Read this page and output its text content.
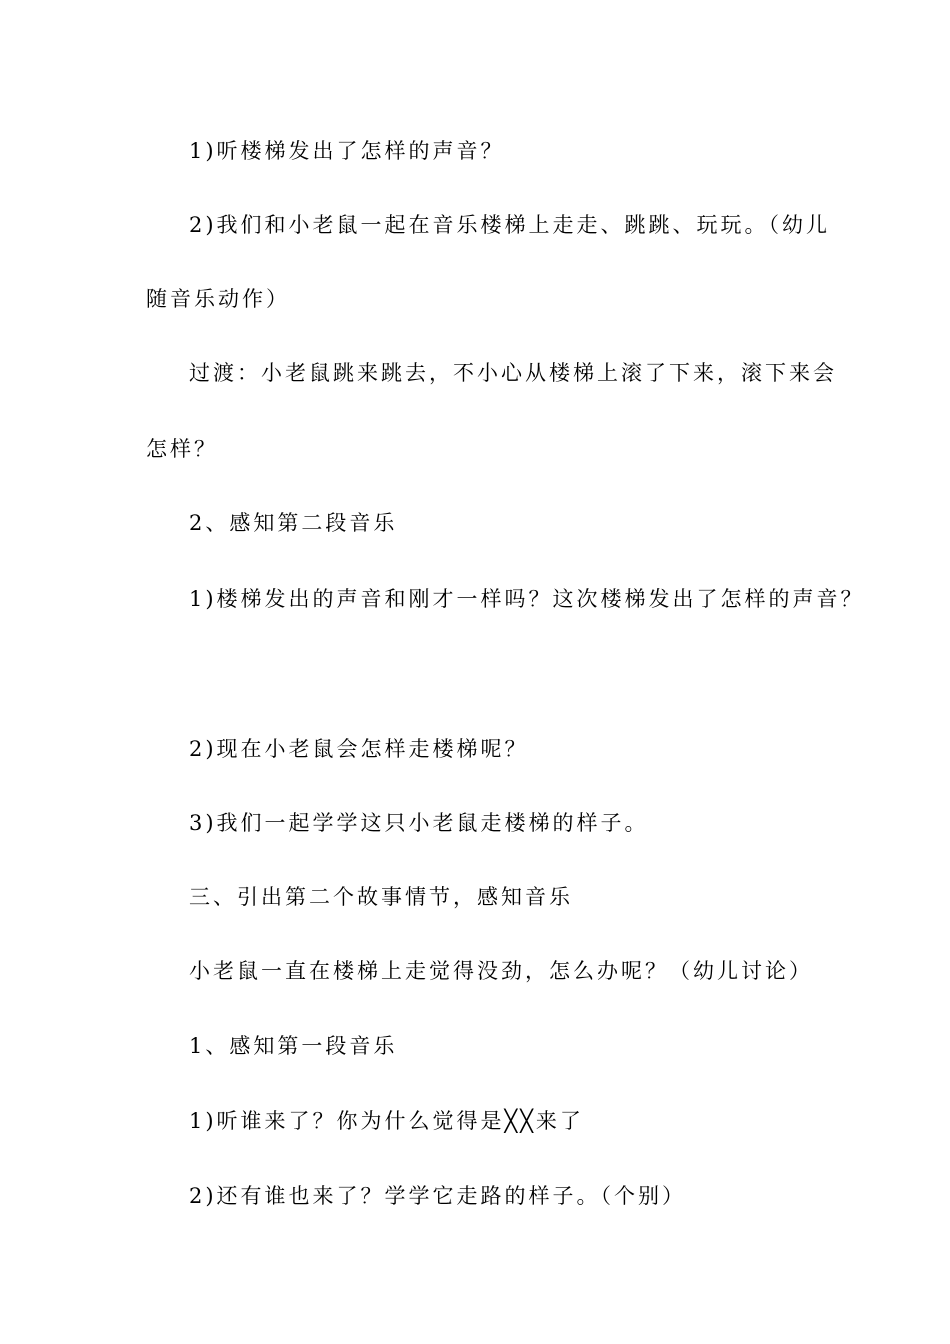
1)听楼梯发出了怎样的声音？

2)我们和小老鼠一起在音乐楼梯上走走、跳跳、玩玩。（幼儿

随音乐动作）

过渡：小老鼠跳来跳去，不小心从楼梯上滚了下来，滚下来会

怎样？

2、感知第二段音乐

1)楼梯发出的声音和刚才一样吗？这次楼梯发出了怎样的声音？

2)现在小老鼠会怎样走楼梯呢？

3)我们一起学学这只小老鼠走楼梯的样子。

三、引出第二个故事情节，感知音乐

小老鼠一直在楼梯上走觉得没劲，怎么办呢？（幼儿讨论）

1、感知第一段音乐

1)听谁来了？你为什么觉得是╳╳来了

2)还有谁也来了？学学它走路的样子。（个别）
